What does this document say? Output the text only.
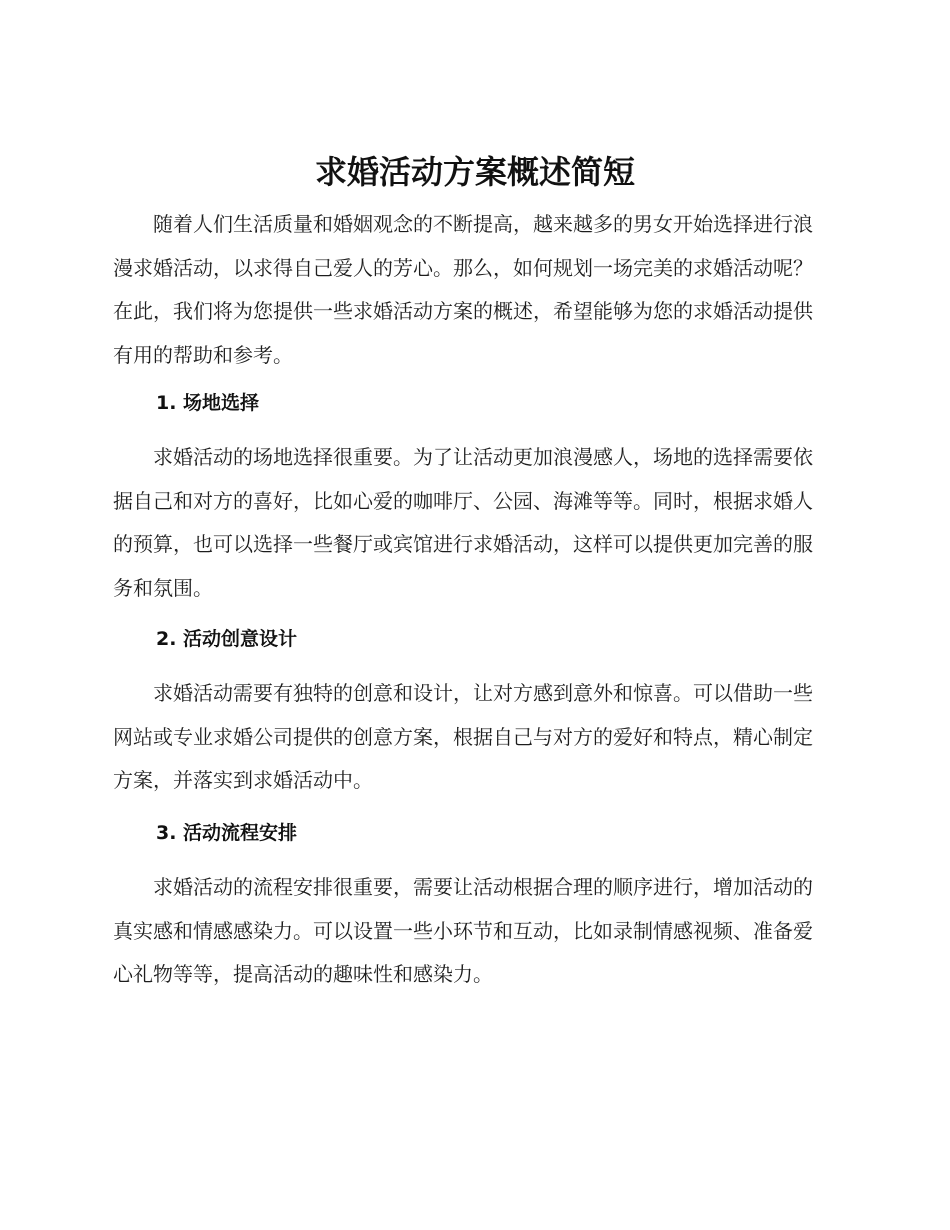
求婚活动方案概述简短

随着人们生活质量和婚姻观念的不断提高，越来越多的男女开始选择进行浪漫求婚活动，以求得自己爱人的芳心。那么，如何规划一场完美的求婚活动呢？在此，我们将为您提供一些求婚活动方案的概述，希望能够为您的求婚活动提供有用的帮助和参考。

1. 场地选择

求婚活动的场地选择很重要。为了让活动更加浪漫感人，场地的选择需要依据自己和对方的喜好，比如心爱的咖啡厅、公园、海滩等等。同时，根据求婚人的预算，也可以选择一些餐厅或宾馆进行求婚活动，这样可以提供更加完善的服务和氛围。

2. 活动创意设计

求婚活动需要有独特的创意和设计，让对方感到意外和惊喜。可以借助一些网站或专业求婚公司提供的创意方案，根据自己与对方的爱好和特点，精心制定方案，并落实到求婚活动中。

3. 活动流程安排

求婚活动的流程安排很重要，需要让活动根据合理的顺序进行，增加活动的真实感和情感感染力。可以设置一些小环节和互动，比如录制情感视频、准备爱心礼物等等，提高活动的趣味性和感染力。
